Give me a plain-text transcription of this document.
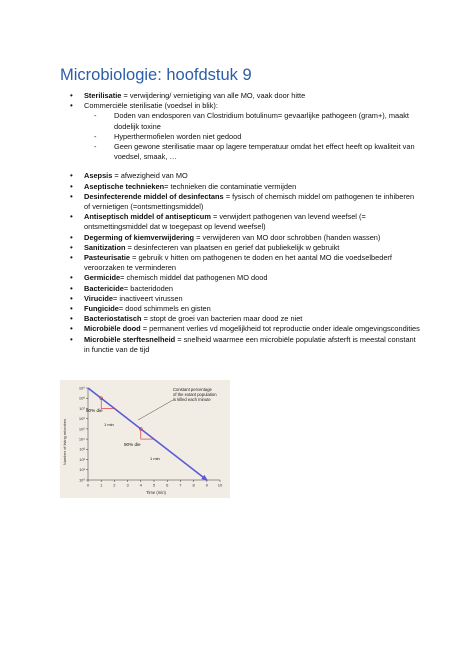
Microbiologie: hoofdstuk 9
• Sterilisatie = verwijdering/ vernietiging van alle MO, vaak door hitte
• Commerciële sterilisatie (voedsel in blik):
- Doden van endosporen van Clostridium botulinum= gevaarlijke pathogeen (gram+), maakt dodelijk toxine
- Hyperthermofielen worden niet gedood
- Geen gewone sterilisatie maar op lagere temperatuur omdat het effect heeft op kwaliteit van voedsel, smaak, …
• Asepsis = afwezigheid van MO
• Aseptische technieken= technieken die contaminatie vermijden
• Desinfecterende middel of desinfectans = fysisch of chemisch middel om pathogenen te inhiberen of vernietigen (=ontsmettingsmiddel)
• Antiseptisch middel of antisepticum = verwijdert pathogenen van levend weefsel (= ontsmettingsmiddel dat w toegepast op levend weefsel)
• Degerming of kiemverwijdering = verwijderen van MO door schrobben (handen wassen)
• Sanitization = desinfecteren van plaatsen en gerief dat publiekelijk w gebruikt
• Pasteurisatie = gebruik v hitten om pathogenen te doden en het aantal MO die voedselbederf veroorzaken te verminderen
• Germicide= chemisch middel dat pathogenen MO dood
• Bactericide= bacteridoden
• Virucide= inactiveert virussen
• Fungicide= dood schimmels en gisten
• Bacteriostatisch = stopt de groei van bacterien maar dood ze niet
• Microbiële dood = permanent verlies vd mogelijkheid tot reproductie onder ideale omgevingscondities
• Microbiële sterftesnelheid = snelheid waarmee een microbiële populatie afsterft is meestal constant in functie van de tijd
10⁹
10⁸
10⁷
10⁶
10⁵
10⁴
10³
10²
10¹
10⁰
0	1	2	3	4	5	6	7	8	9 10
Number of living microbes
Time (min)
90% die
90% die
1 min
1 min
Constant percentage
of the extant population
is killed each minute
